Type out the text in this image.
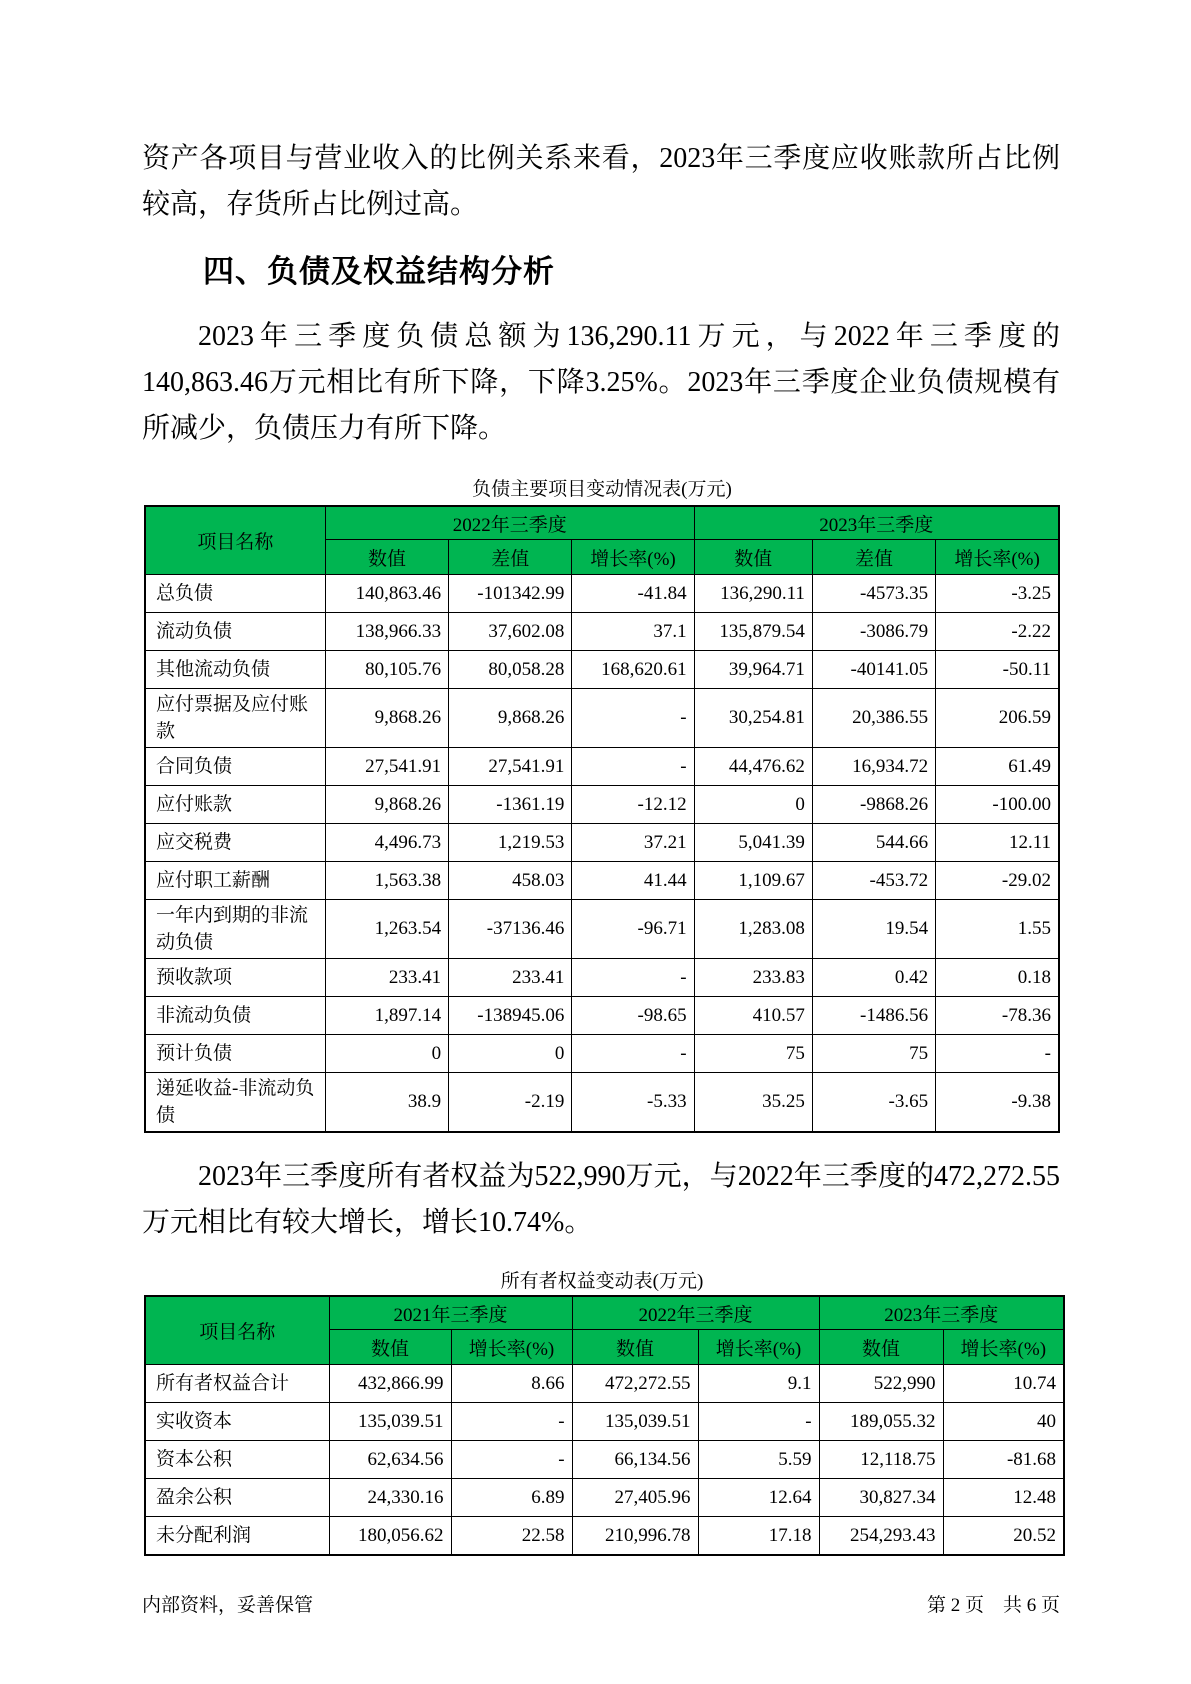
资产各项目与营业收入的比例关系来看，2023年三季度应收账款所占比例较高，存货所占比例过高。

四、负债及权益结构分析

2023年三季度负债总额为136,290.11万元，与2022年三季度的140,863.46万元相比有所下降，下降3.25%。2023年三季度企业负债规模有所减少，负债压力有所下降。

负债主要项目变动情况表(万元)
项目名称	2022年三季度			2023年三季度		
	数值	差值	增长率(%)	数值	差值	增长率(%)
总负债	140,863.46	-101342.99	-41.84	136,290.11	-4573.35	-3.25
流动负债	138,966.33	37,602.08	37.1	135,879.54	-3086.79	-2.22
其他流动负债	80,105.76	80,058.28	168,620.61	39,964.71	-40141.05	-50.11
应付票据及应付账款	9,868.26	9,868.26	-	30,254.81	20,386.55	206.59
合同负债	27,541.91	27,541.91	-	44,476.62	16,934.72	61.49
应付账款	9,868.26	-1361.19	-12.12	0	-9868.26	-100.00
应交税费	4,496.73	1,219.53	37.21	5,041.39	544.66	12.11
应付职工薪酬	1,563.38	458.03	41.44	1,109.67	-453.72	-29.02
一年内到期的非流动负债	1,263.54	-37136.46	-96.71	1,283.08	19.54	1.55
预收款项	233.41	233.41	-	233.83	0.42	0.18
非流动负债	1,897.14	-138945.06	-98.65	410.57	-1486.56	-78.36
预计负债	0	0	-	75	75	-
递延收益-非流动负债	38.9	-2.19	-5.33	35.25	-3.65	-9.38

2023年三季度所有者权益为522,990万元，与2022年三季度的472,272.55万元相比有较大增长，增长10.74%。

所有者权益变动表(万元)
项目名称	2021年三季度		2022年三季度		2023年三季度	
	数值	增长率(%)	数值	增长率(%)	数值	增长率(%)
所有者权益合计	432,866.99	8.66	472,272.55	9.1	522,990	10.74
实收资本	135,039.51	-	135,039.51	-	189,055.32	40
资本公积	62,634.56	-	66,134.56	5.59	12,118.75	-81.68
盈余公积	24,330.16	6.89	27,405.96	12.64	30,827.34	12.48
未分配利润	180,056.62	22.58	210,996.78	17.18	254,293.43	20.52
内部资料，妥善保管	第 2 页　共 6 页
